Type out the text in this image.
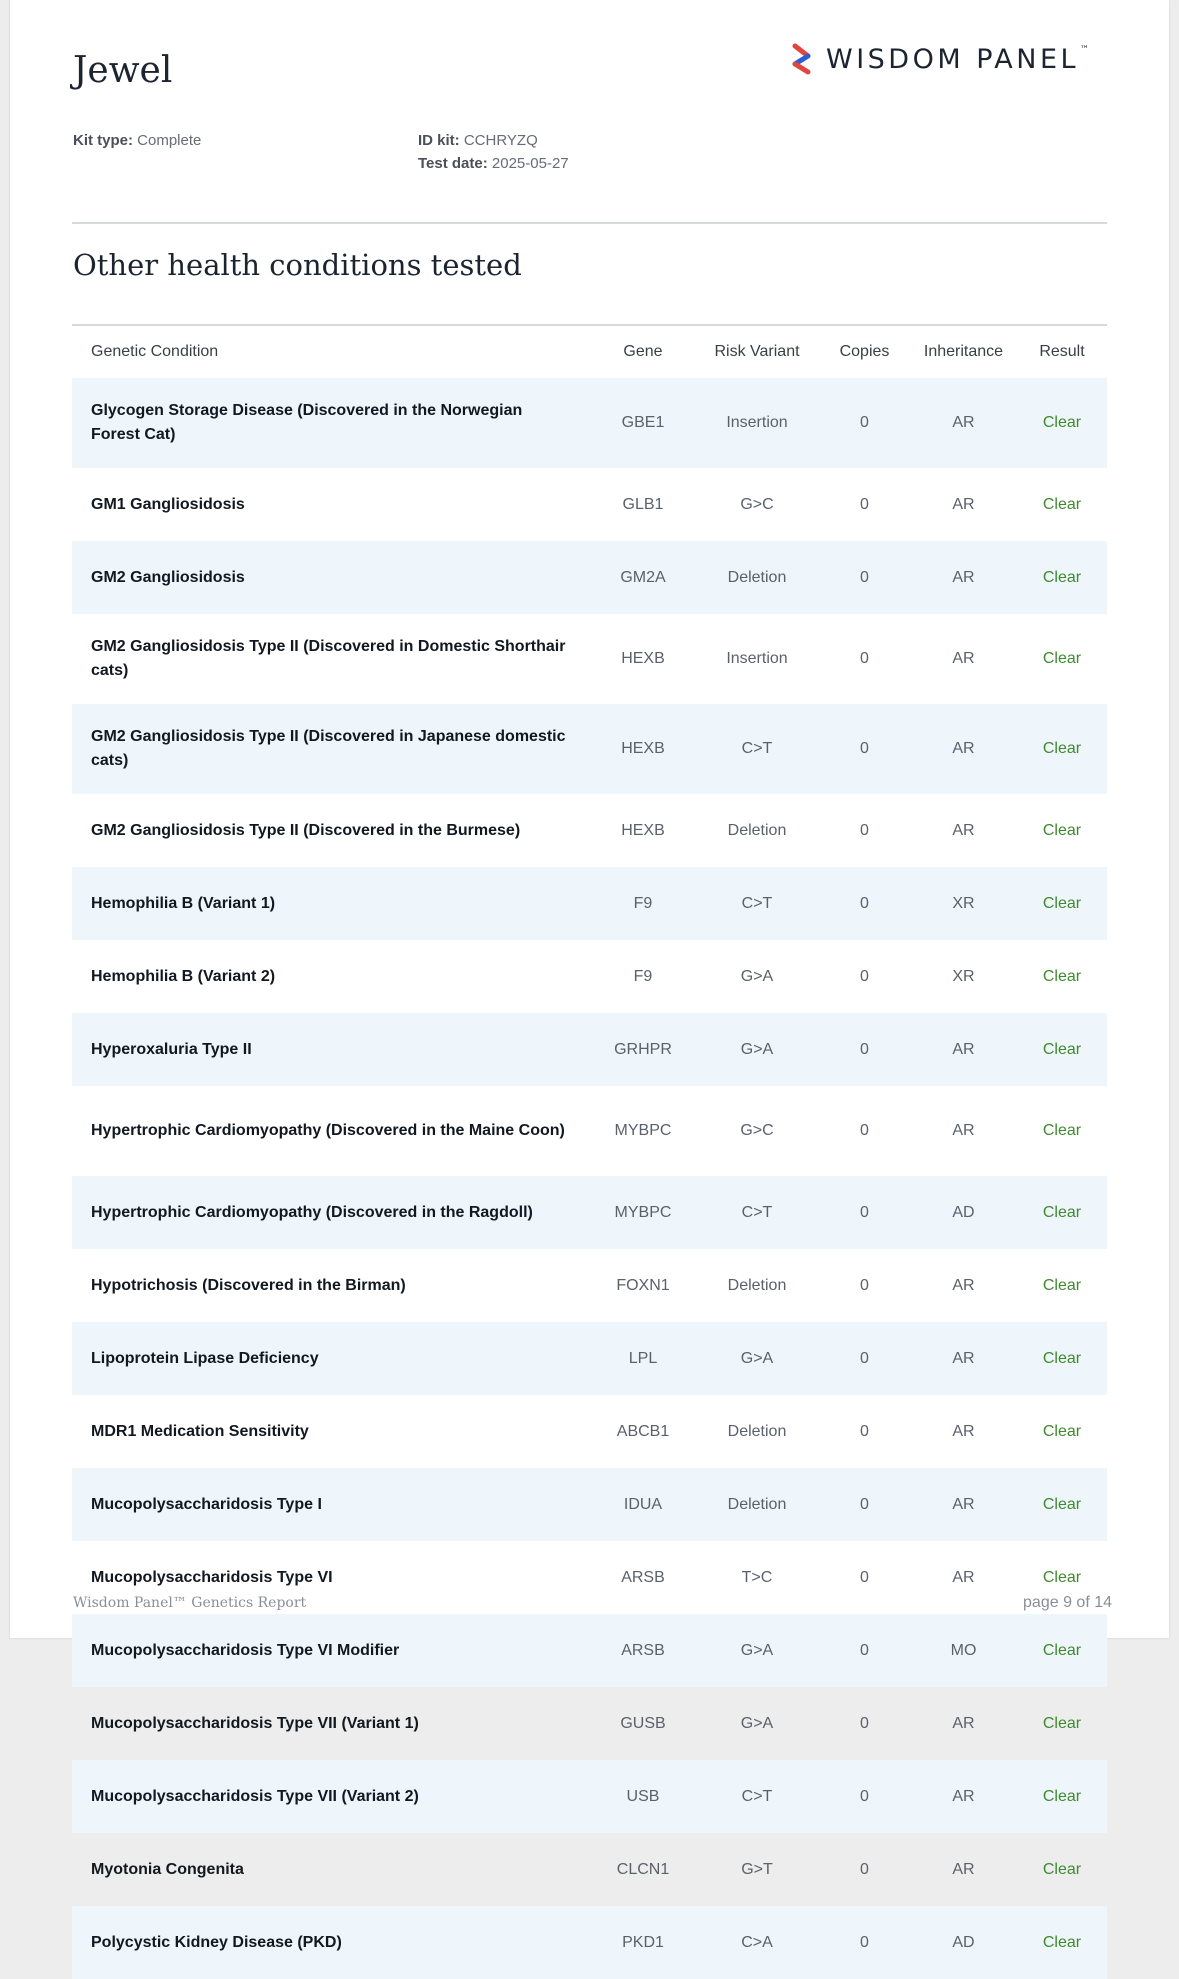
Jewel	WISDOM PANEL™
Kit type: Complete	ID kit: CCHRYZQ
Test date: 2025-05-27
Other health conditions tested
Genetic Condition	Gene	Risk Variant	Copies	Inheritance	Result
Glycogen Storage Disease (Discovered in the Norwegian Forest Cat)	GBE1	Insertion	0	AR	Clear
GM1 Gangliosidosis	GLB1	G>C	0	AR	Clear
GM2 Gangliosidosis	GM2A	Deletion	0	AR	Clear
GM2 Gangliosidosis Type II (Discovered in Domestic Shorthair cats)	HEXB	Insertion	0	AR	Clear
GM2 Gangliosidosis Type II (Discovered in Japanese domestic cats)	HEXB	C>T	0	AR	Clear
GM2 Gangliosidosis Type II (Discovered in the Burmese)	HEXB	Deletion	0	AR	Clear
Hemophilia B (Variant 1)	F9	C>T	0	XR	Clear
Hemophilia B (Variant 2)	F9	G>A	0	XR	Clear
Hyperoxaluria Type II	GRHPR	G>A	0	AR	Clear
Hypertrophic Cardiomyopathy (Discovered in the Maine Coon)	MYBPC	G>C	0	AR	Clear
Hypertrophic Cardiomyopathy (Discovered in the Ragdoll)	MYBPC	C>T	0	AD	Clear
Hypotrichosis (Discovered in the Birman)	FOXN1	Deletion	0	AR	Clear
Lipoprotein Lipase Deficiency	LPL	G>A	0	AR	Clear
MDR1 Medication Sensitivity	ABCB1	Deletion	0	AR	Clear
Mucopolysaccharidosis Type I	IDUA	Deletion	0	AR	Clear
Mucopolysaccharidosis Type VI	ARSB	T>C	0	AR	Clear
Mucopolysaccharidosis Type VI Modifier	ARSB	G>A	0	MO	Clear
Mucopolysaccharidosis Type VII (Variant 1)	GUSB	G>A	0	AR	Clear
Mucopolysaccharidosis Type VII (Variant 2)	USB	C>T	0	AR	Clear
Myotonia Congenita	CLCN1	G>T	0	AR	Clear
Polycystic Kidney Disease (PKD)	PKD1	C>A	0	AD	Clear
Wisdom Panel™ Genetics Report	page 9 of 14
